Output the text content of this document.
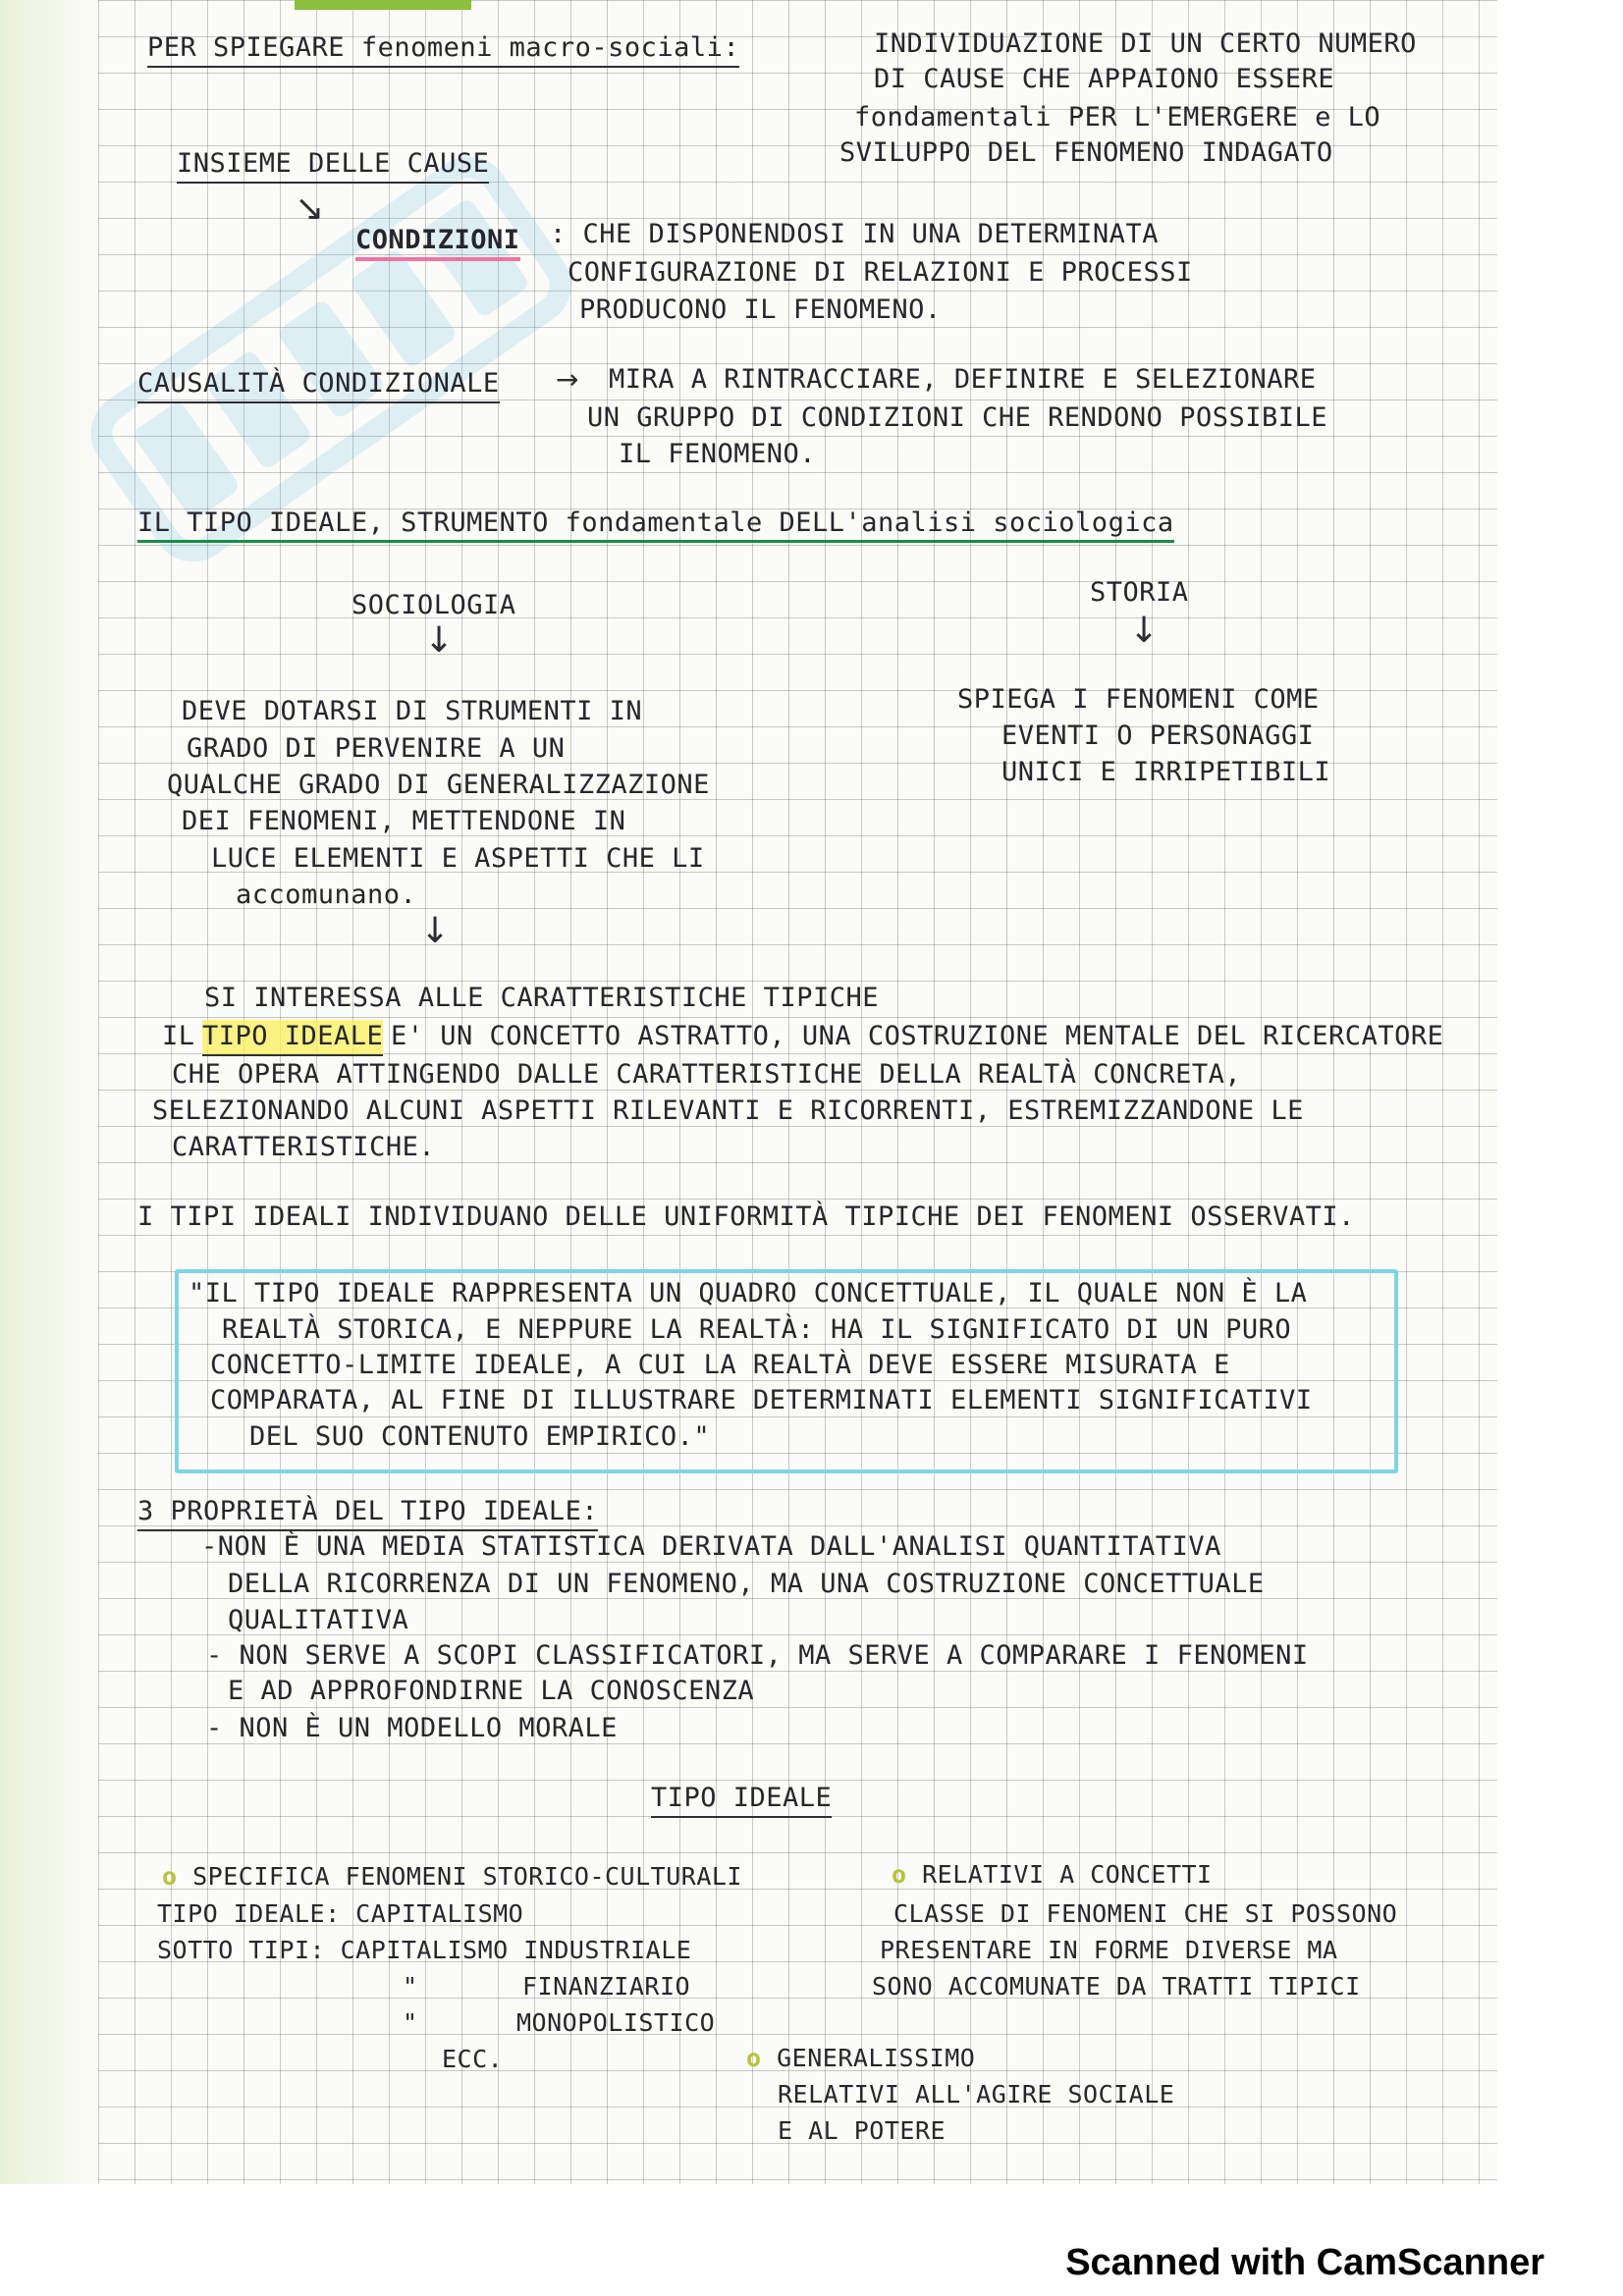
PER SPIEGARE fenomeni macro-sociali:	INDIVIDUAZIONE DI UN CERTO NUMERO
DI CAUSE CHE APPAIONO ESSERE
fondamentali PER L'EMERGERE e LO
SVILUPPO DEL FENOMENO INDAGATO
INSIEME DELLE CAUSE
↘
CONDIZIONI : CHE DISPONENDOSI IN UNA DETERMINATA
CONFIGURAZIONE DI RELAZIONI E PROCESSI
PRODUCONO IL FENOMENO.
CAUSALITÀ CONDIZIONALE → MIRA A RINTRACCIARE, DEFINIRE E SELEZIONARE
UN GRUPPO DI CONDIZIONI CHE RENDONO POSSIBILE
IL FENOMENO.
IL TIPO IDEALE, STRUMENTO fondamentale DELL'analisi sociologica
SOCIOLOGIA
↓
DEVE DOTARSI DI STRUMENTI IN
GRADO DI PERVENIRE A UN
QUALCHE GRADO DI GENERALIZZAZIONE
DEI FENOMENI, METTENDONE IN
LUCE ELEMENTI E ASPETTI CHE LI
accomunano.
↓
STORIA
↓
SPIEGA I FENOMENI COME
EVENTI O PERSONAGGI
UNICI E IRRIPETIBILI
SI INTERESSA ALLE CARATTERISTICHE TIPICHE
IL TIPO IDEALE E' UN CONCETTO ASTRATTO, UNA COSTRUZIONE MENTALE DEL RICERCATORE
CHE OPERA ATTINGENDO DALLE CARATTERISTICHE DELLA REALTÀ CONCRETA,
SELEZIONANDO ALCUNI ASPETTI RILEVANTI E RICORRENTI, ESTREMIZZANDONE LE
CARATTERISTICHE.
I TIPI IDEALI INDIVIDUANO DELLE UNIFORMITÀ TIPICHE DEI FENOMENI OSSERVATI.
"IL TIPO IDEALE RAPPRESENTA UN QUADRO CONCETTUALE, IL QUALE NON È LA
REALTÀ STORICA, E NEPPURE LA REALTÀ: HA IL SIGNIFICATO DI UN PURO
CONCETTO-LIMITE IDEALE, A CUI LA REALTÀ DEVE ESSERE MISURATA E
COMPARATA, AL FINE DI ILLUSTRARE DETERMINATI ELEMENTI SIGNIFICATIVI
DEL SUO CONTENUTO EMPIRICO."
3 PROPRIETÀ DEL TIPO IDEALE:
-NON È UNA MEDIA STATISTICA DERIVATA DALL'ANALISI QUANTITATIVA
DELLA RICORRENZA DI UN FENOMENO, MA UNA COSTRUZIONE CONCETTUALE
QUALITATIVA
- NON SERVE A SCOPI CLASSIFICATORI, MA SERVE A COMPARARE I FENOMENI
E AD APPROFONDIRNE LA CONOSCENZA
- NON È UN MODELLO MORALE
TIPO IDEALE
o SPECIFICA FENOMENI STORICO-CULTURALI
TIPO IDEALE: CAPITALISMO
SOTTO TIPI: CAPITALISMO INDUSTRIALE
"	FINANZIARIO
"	MONOPOLISTICO
ECC.
o RELATIVI A CONCETTI
CLASSE DI FENOMENI CHE SI POSSONO
PRESENTARE IN FORME DIVERSE MA
SONO ACCOMUNATE DA TRATTI TIPICI
o GENERALISSIMO
RELATIVI ALL'AGIRE SOCIALE
E AL POTERE
Scanned with CamScanner
